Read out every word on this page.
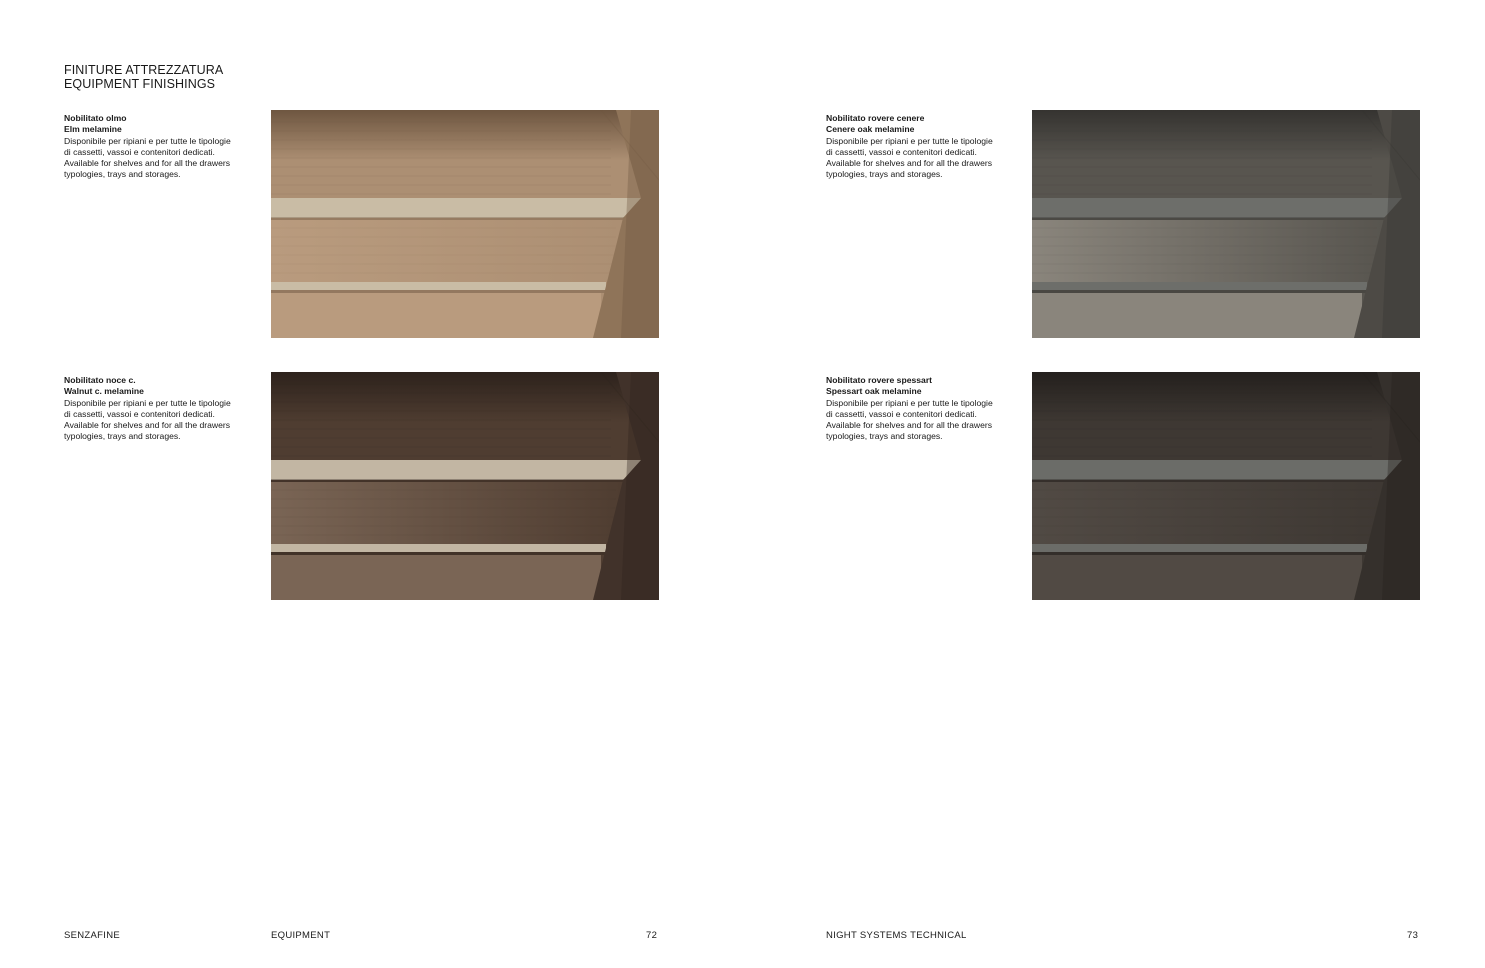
FINITURE ATTREZZATURA
EQUIPMENT FINISHINGS
Nobilitato olmo
Elm melamine
Disponibile per ripiani e per tutte le tipologie
di cassetti, vassoi e contenitori dedicati.
Available for shelves and for all the drawers
typologies, trays and storages.
Nobilitato rovere cenere
Cenere oak melamine
Disponibile per ripiani e per tutte le tipologie
di cassetti, vassoi e contenitori dedicati.
Available for shelves and for all the drawers
typologies, trays and storages.
Nobilitato noce c.
Walnut c. melamine
Disponibile per ripiani e per tutte le tipologie
di cassetti, vassoi e contenitori dedicati.
Available for shelves and for all the drawers
typologies, trays and storages.
Nobilitato rovere spessart
Spessart oak melamine
Disponibile per ripiani e per tutte le tipologie
di cassetti, vassoi e contenitori dedicati.
Available for shelves and for all the drawers
typologies, trays and storages.
SENZAFINE	EQUIPMENT	72	NIGHT SYSTEMS TECHNICAL	73
